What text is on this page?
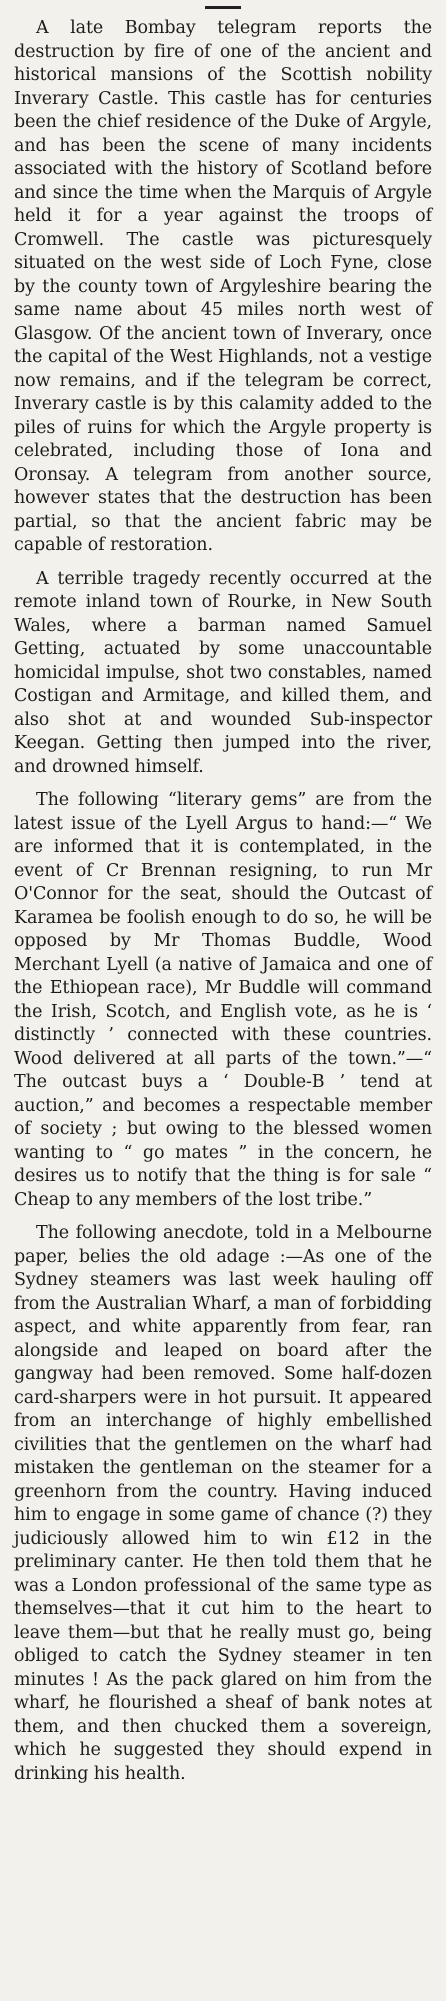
A late Bombay telegram reports the destruction by fire of one of the ancient and historical mansions of the Scottish nobility Inverary Castle. This castle has for centuries been the chief residence of the Duke of Argyle, and has been the scene of many incidents associated with the history of Scotland before and since the time when the Marquis of Argyle held it for a year against the troops of Cromwell. The castle was picturesquely situated on the west side of Loch Fyne, close by the county town of Argyleshire bearing the same name about 45 miles north west of Glasgow. Of the ancient town of Inverary, once the capital of the West Highlands, not a vestige now remains, and if the telegram be correct, Inverary castle is by this calamity added to the piles of ruins for which the Argyle property is celebrated, including those of Iona and Oronsay. A telegram from another source, however states that the destruction has been partial, so that the ancient fabric may be capable of restoration.

A terrible tragedy recently occurred at the remote inland town of Rourke, in New South Wales, where a barman named Samuel Getting, actuated by some unaccountable homicidal impulse, shot two constables, named Costigan and Armitage, and killed them, and also shot at and wounded Sub-inspector Keegan. Getting then jumped into the river, and drowned himself.

The following “literary gems” are from the latest issue of the Lyell Argus to hand:—“ We are informed that it is contemplated, in the event of Cr Brennan resigning, to run Mr O'Connor for the seat, should the Outcast of Karamea be foolish enough to do so, he will be opposed by Mr Thomas Buddle, Wood Merchant Lyell (a native of Jamaica and one of the Ethiopean race), Mr Buddle will command the Irish, Scotch, and English vote, as he is ‘ distinctly ’ connected with these countries. Wood delivered at all parts of the town.”—“ The outcast buys a ‘ Double-B ’ tend at auction,” and becomes a respectable member of society ; but owing to the blessed women wanting to “ go mates ” in the concern, he desires us to notify that the thing is for sale “ Cheap to any members of the lost tribe.”

The following anecdote, told in a Melbourne paper, belies the old adage :—As one of the Sydney steamers was last week hauling off from the Australian Wharf, a man of forbidding aspect, and white apparently from fear, ran alongside and leaped on board after the gangway had been removed. Some half-dozen card-sharpers were in hot pursuit. It appeared from an interchange of highly embellished civilities that the gentlemen on the wharf had mistaken the gentleman on the steamer for a greenhorn from the country. Having induced him to engage in some game of chance (?) they judiciously allowed him to win £12 in the preliminary canter. He then told them that he was a London professional of the same type as themselves—that it cut him to the heart to leave them—but that he really must go, being obliged to catch the Sydney steamer in ten minutes ! As the pack glared on him from the wharf, he flourished a sheaf of bank notes at them, and then chucked them a sovereign, which he suggested they should expend in drinking his health.
